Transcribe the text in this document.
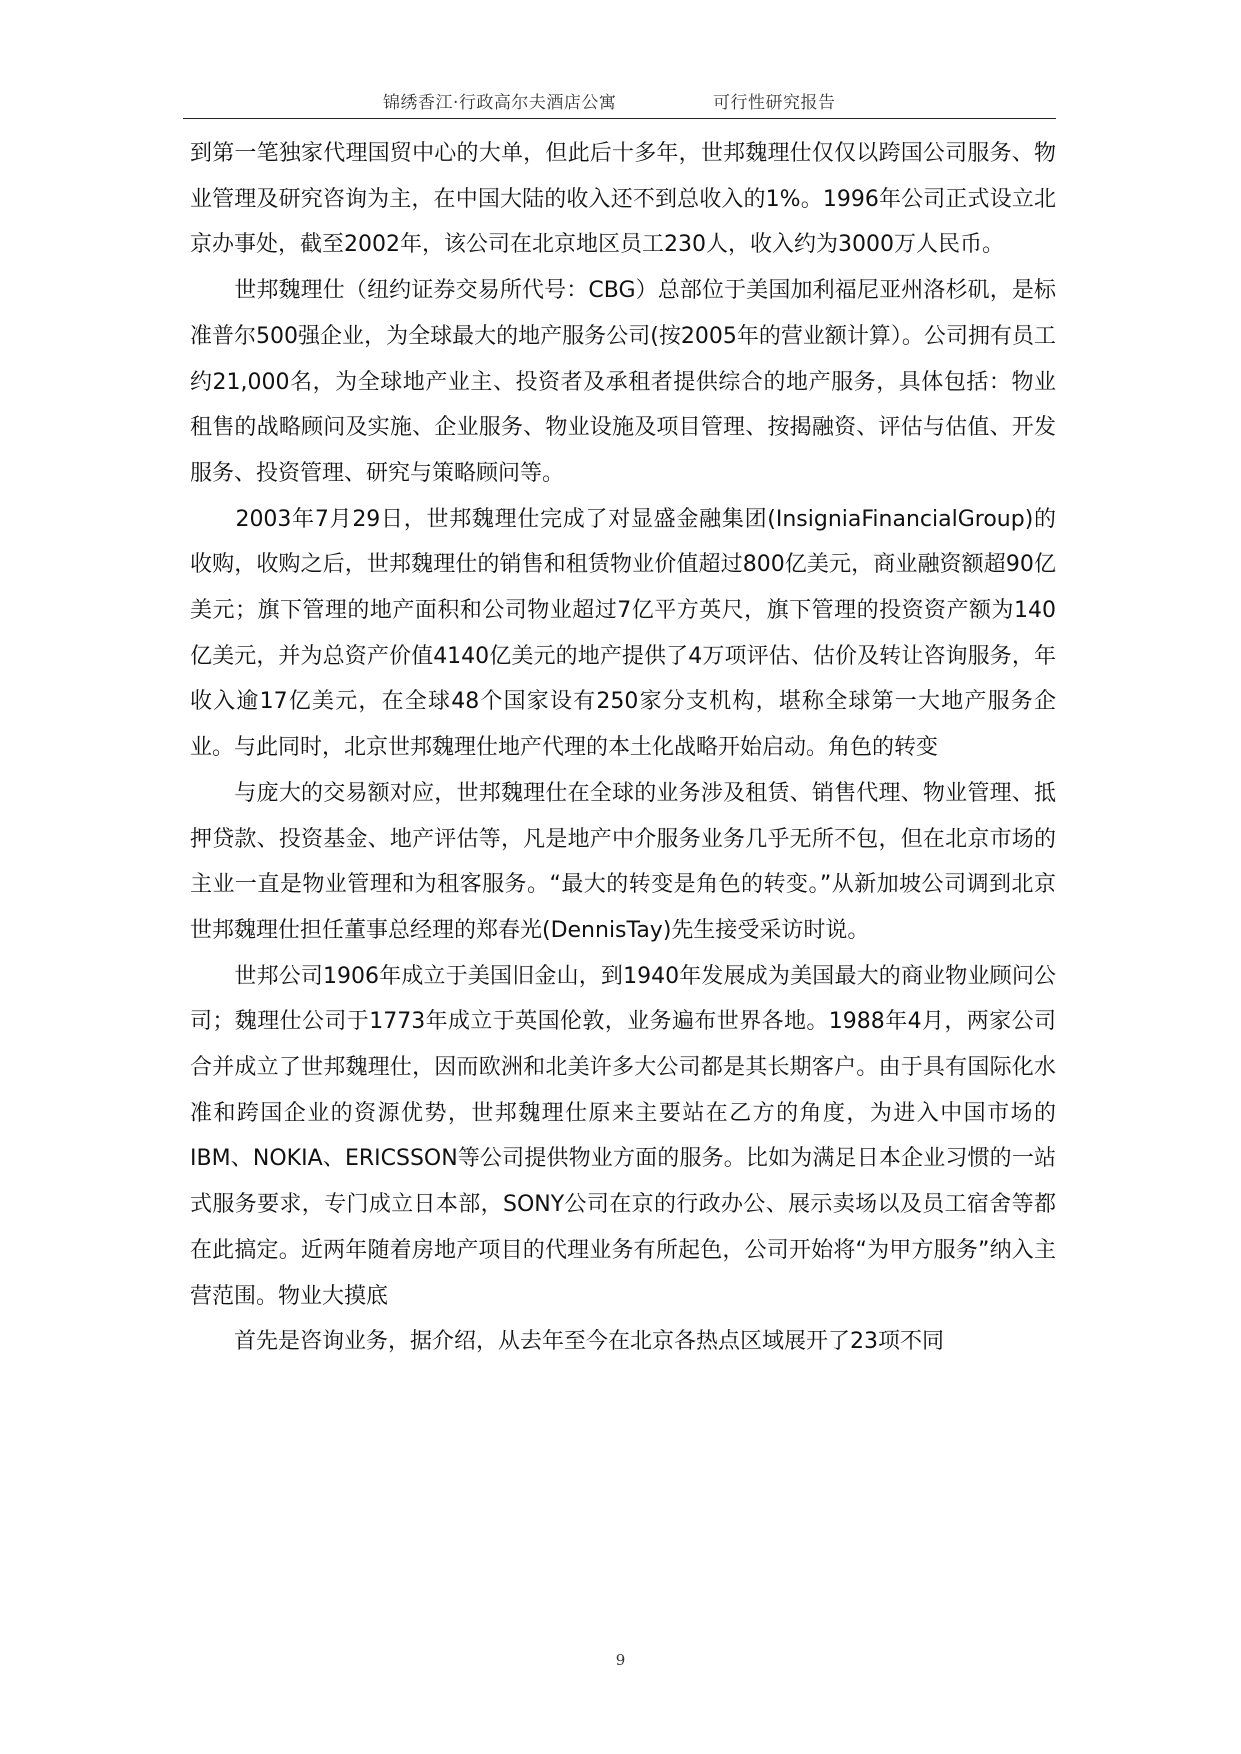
锦绣香江·行政高尔夫酒店公寓	可行性研究报告

到第一笔独家代理国贸中心的大单，但此后十多年，世邦魏理仕仅仅以跨国公司服务、物业管理及研究咨询为主，在中国大陆的收入还不到总收入的1%。1996年公司正式设立北京办事处，截至2002年，该公司在北京地区员工230人，收入约为3000万人民币。

　　世邦魏理仕（纽约证券交易所代号：CBG）总部位于美国加利福尼亚州洛杉矶，是标准普尔500强企业，为全球最大的地产服务公司(按2005年的营业额计算）。公司拥有员工约21,000名，为全球地产业主、投资者及承租者提供综合的地产服务，具体包括：物业租售的战略顾问及实施、企业服务、物业设施及项目管理、按揭融资、评估与估值、开发服务、投资管理、研究与策略顾问等。

　　2003年7月29日，世邦魏理仕完成了对显盛金融集团(InsigniaFinancialGroup)的收购，收购之后，世邦魏理仕的销售和租赁物业价值超过800亿美元，商业融资额超90亿美元；旗下管理的地产面积和公司物业超过7亿平方英尺，旗下管理的投资资产额为140亿美元，并为总资产价值4140亿美元的地产提供了4万项评估、估价及转让咨询服务，年收入逾17亿美元，在全球48个国家设有250家分支机构，堪称全球第一大地产服务企业。与此同时，北京世邦魏理仕地产代理的本土化战略开始启动。角色的转变

　　与庞大的交易额对应，世邦魏理仕在全球的业务涉及租赁、销售代理、物业管理、抵押贷款、投资基金、地产评估等，凡是地产中介服务业务几乎无所不包，但在北京市场的主业一直是物业管理和为租客服务。“最大的转变是角色的转变。”从新加坡公司调到北京世邦魏理仕担任董事总经理的郑春光(DennisTay)先生接受采访时说。

　　世邦公司1906年成立于美国旧金山，到1940年发展成为美国最大的商业物业顾问公司；魏理仕公司于1773年成立于英国伦敦，业务遍布世界各地。1988年4月，两家公司合并成立了世邦魏理仕，因而欧洲和北美许多大公司都是其长期客户。由于具有国际化水准和跨国企业的资源优势，世邦魏理仕原来主要站在乙方的角度，为进入中国市场的IBM、NOKIA、ERICSSON等公司提供物业方面的服务。比如为满足日本企业习惯的一站式服务要求，专门成立日本部，SONY公司在京的行政办公、展示卖场以及员工宿舍等都在此搞定。近两年随着房地产项目的代理业务有所起色，公司开始将“为甲方服务”纳入主营范围。物业大摸底

　　首先是咨询业务，据介绍，从去年至今在北京各热点区域展开了23项不同

9
